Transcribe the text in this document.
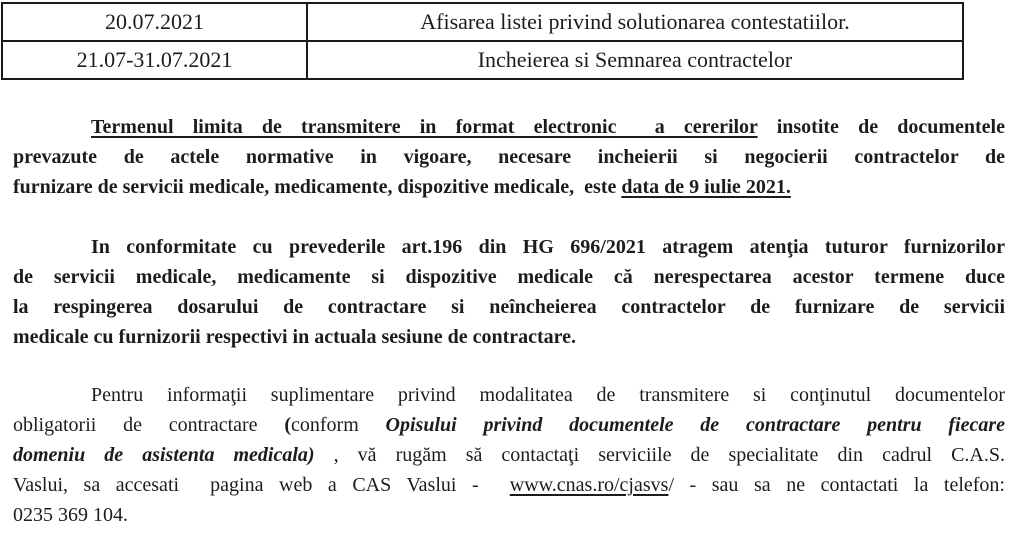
20.07.2021	Afisarea listei privind solutionarea contestatiilor.
21.07-31.07.2021	Incheierea si Semnarea contractelor
Termenul limita de transmitere in format electronic  a cererilor insotite de documentele
prevazute de actele normative in vigoare, necesare incheierii si negocierii contractelor de
furnizare de servicii medicale, medicamente, dispozitive medicale,  este data de 9 iulie 2021.
In conformitate cu prevederile art.196 din HG 696/2021 atragem atenţia tuturor furnizorilor
de servicii medicale, medicamente si dispozitive medicale că nerespectarea acestor termene duce
la respingerea dosarului de contractare si neîncheierea contractelor de furnizare de servicii
medicale cu furnizorii respectivi in actuala sesiune de contractare.
Pentru informaţii suplimentare privind modalitatea de transmitere si conţinutul documentelor
obligatorii de contractare (conform Opisului privind documentele de contractare pentru fiecare
domeniu de asistenta medicala) , vă rugăm să contactaţi serviciile de specialitate din cadrul C.A.S.
Vaslui, sa accesati  pagina web a CAS Vaslui -  www.cnas.ro/cjasvs/ - sau sa ne contactati la telefon:
0235 369 104.
